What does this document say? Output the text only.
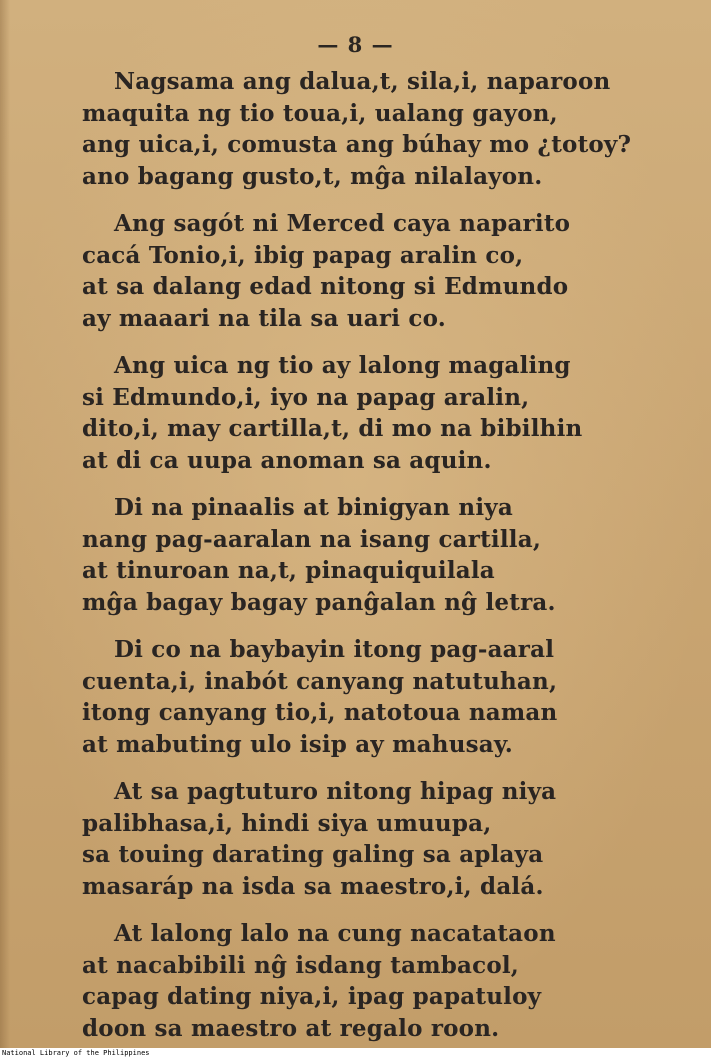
— 8 —
Nagsama ang dalua,t, sila,i, naparoon
maquita ng tio toua,i, ualang gayon,
ang uica,i, comusta ang búhay mo ¿totoy?
ano bagang gusto,t, mĝa nilalayon.
Ang sagót ni Merced caya naparito
cacá Tonio,i, ibig papag aralin co,
at sa dalang edad nitong si Edmundo
ay maaari na tila sa uari co.
Ang uica ng tio ay lalong magaling
si Edmundo,i, iyo na papag aralin,
dito,i, may cartilla,t, di mo na bibilhin
at di ca uupa anoman sa aquin.
Di na pinaalis at binigyan niya
nang pag-aaralan na isang cartilla,
at tinuroan na,t, pinaquiquilala
mĝa bagay bagay panĝalan nĝ letra.
Di co na baybayin itong pag-aaral
cuenta,i, inabót canyang natutuhan,
itong canyang tio,i, natotoua naman
at mabuting ulo isip ay mahusay.
At sa pagtuturo nitong hipag niya
palibhasa,i, hindi siya umuupa,
sa touing darating galing sa aplaya
masaráp na isda sa maestro,i, dalá.
At lalong lalo na cung nacatataon
at nacabibili nĝ isdang tambacol,
capag dating niya,i, ipag papatuloy
doon sa maestro at regalo roon.
National Library of the Philippines
